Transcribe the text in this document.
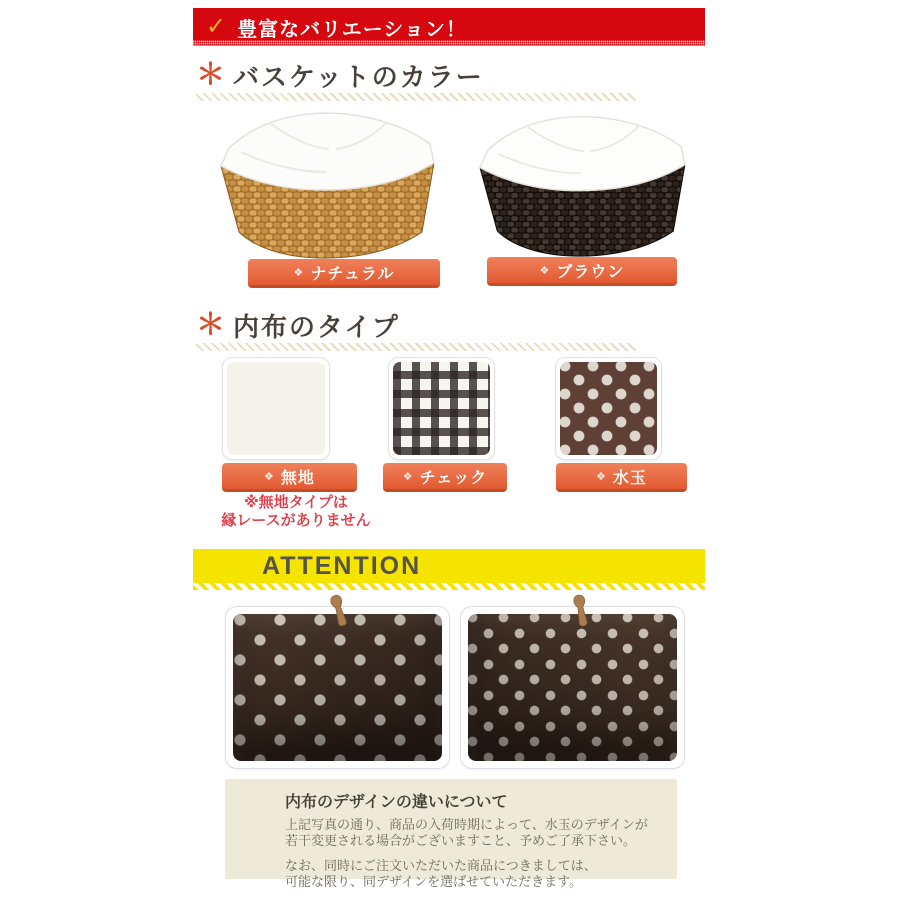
✓ 豊富なバリエーション！
＊ バスケットのカラー
❖ ナチュラル	❖ ブラウン
＊ 内布のタイプ
❖ 無地	❖ チェック	❖ 水玉
※無地タイプは
縁レースがありません
ATTENTION
内布のデザインの違いについて
上記写真の通り、商品の入荷時期によって、水玉のデザインが
若干変更される場合がございますこと、予めご了承下さい。
なお、同時にご注文いただいた商品につきましては、
可能な限り、同デザインを選ばせていただきます。
